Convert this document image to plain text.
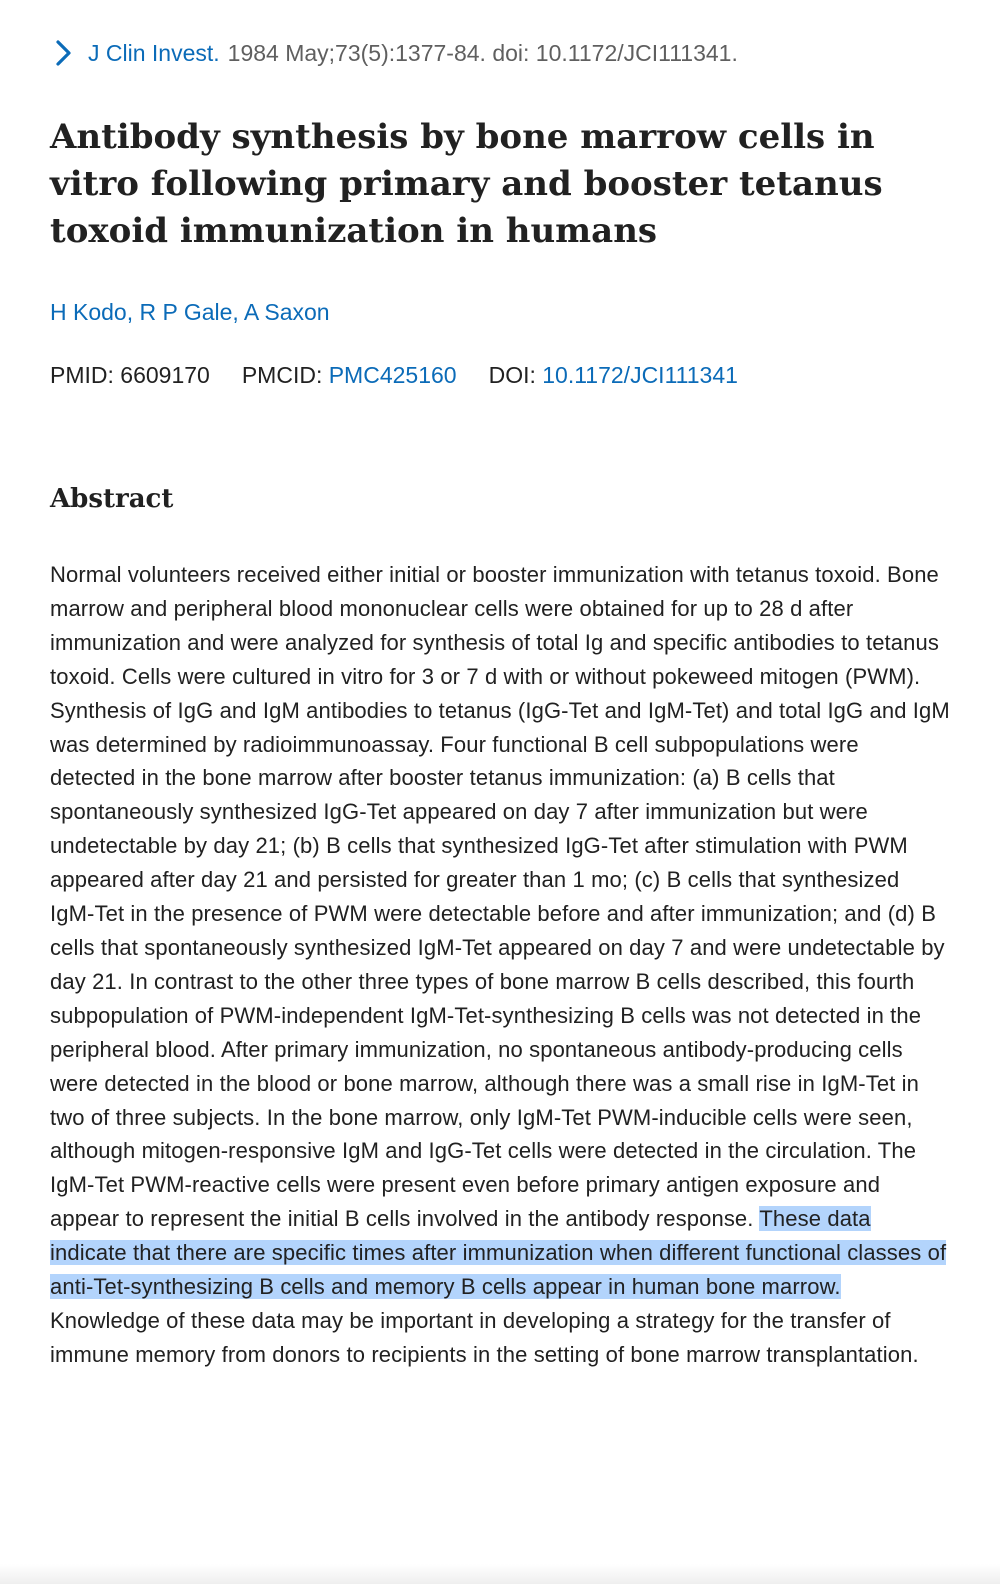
J Clin Invest. 1984 May;73(5):1377-84. doi: 10.1172/JCI111341.
Antibody synthesis by bone marrow cells in vitro following primary and booster tetanus toxoid immunization in humans
H Kodo, R P Gale, A Saxon
PMID: 6609170 PMCID: PMC425160 DOI: 10.1172/JCI111341
Abstract

Normal volunteers received either initial or booster immunization with tetanus toxoid. Bone marrow and peripheral blood mononuclear cells were obtained for up to 28 d after immunization and were analyzed for synthesis of total Ig and specific antibodies to tetanus toxoid. Cells were cultured in vitro for 3 or 7 d with or without pokeweed mitogen (PWM). Synthesis of IgG and IgM antibodies to tetanus (IgG-Tet and IgM-Tet) and total IgG and IgM was determined by radioimmunoassay. Four functional B cell subpopulations were detected in the bone marrow after booster tetanus immunization: (a) B cells that spontaneously synthesized IgG-Tet appeared on day 7 after immunization but were undetectable by day 21; (b) B cells that synthesized IgG-Tet after stimulation with PWM appeared after day 21 and persisted for greater than 1 mo; (c) B cells that synthesized IgM-Tet in the presence of PWM were detectable before and after immunization; and (d) B cells that spontaneously synthesized IgM-Tet appeared on day 7 and were undetectable by day 21. In contrast to the other three types of bone marrow B cells described, this fourth subpopulation of PWM-independent IgM-Tet-synthesizing B cells was not detected in the peripheral blood. After primary immunization, no spontaneous antibody-producing cells were detected in the blood or bone marrow, although there was a small rise in IgM-Tet in two of three subjects. In the bone marrow, only IgM-Tet PWM-inducible cells were seen, although mitogen-responsive IgM and IgG-Tet cells were detected in the circulation. The IgM-Tet PWM-reactive cells were present even before primary antigen exposure and appear to represent the initial B cells involved in the antibody response. These data indicate that there are specific times after immunization when different functional classes of anti-Tet-synthesizing B cells and memory B cells appear in human bone marrow. Knowledge of these data may be important in developing a strategy for the transfer of immune memory from donors to recipients in the setting of bone marrow transplantation.
